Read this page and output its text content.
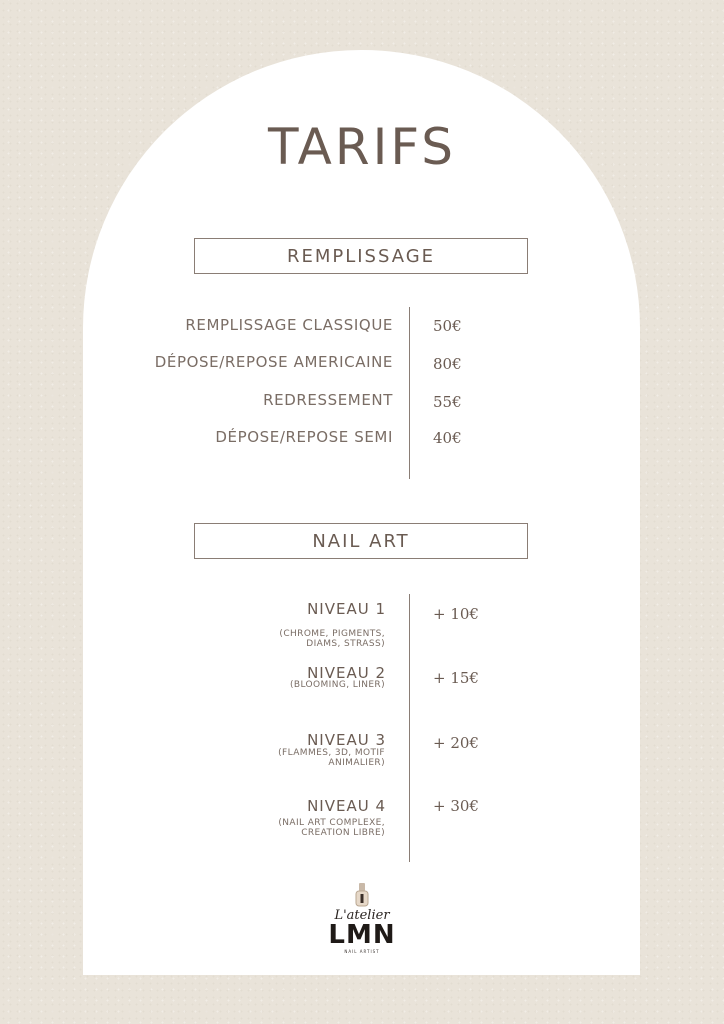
TARIFS
REMPLISSAGE
REMPLISSAGE CLASSIQUE	50€
DÉPOSE/REPOSE AMERICAINE	80€
REDRESSEMENT	55€
DÉPOSE/REPOSE SEMI	40€
NAIL ART
NIVEAU 1
(CHROME, PIGMENTS,
DIAMS, STRASS)
+ 10€
NIVEAU 2
(BLOOMING, LINER)	+ 15€
NIVEAU 3
(FLAMMES, 3D, MOTIF
ANIMALIER)
+ 20€
NIVEAU 4
(NAIL ART COMPLEXE,
CREATION LIBRE)
+ 30€
L'atelier
LMN
NAIL ARTIST
